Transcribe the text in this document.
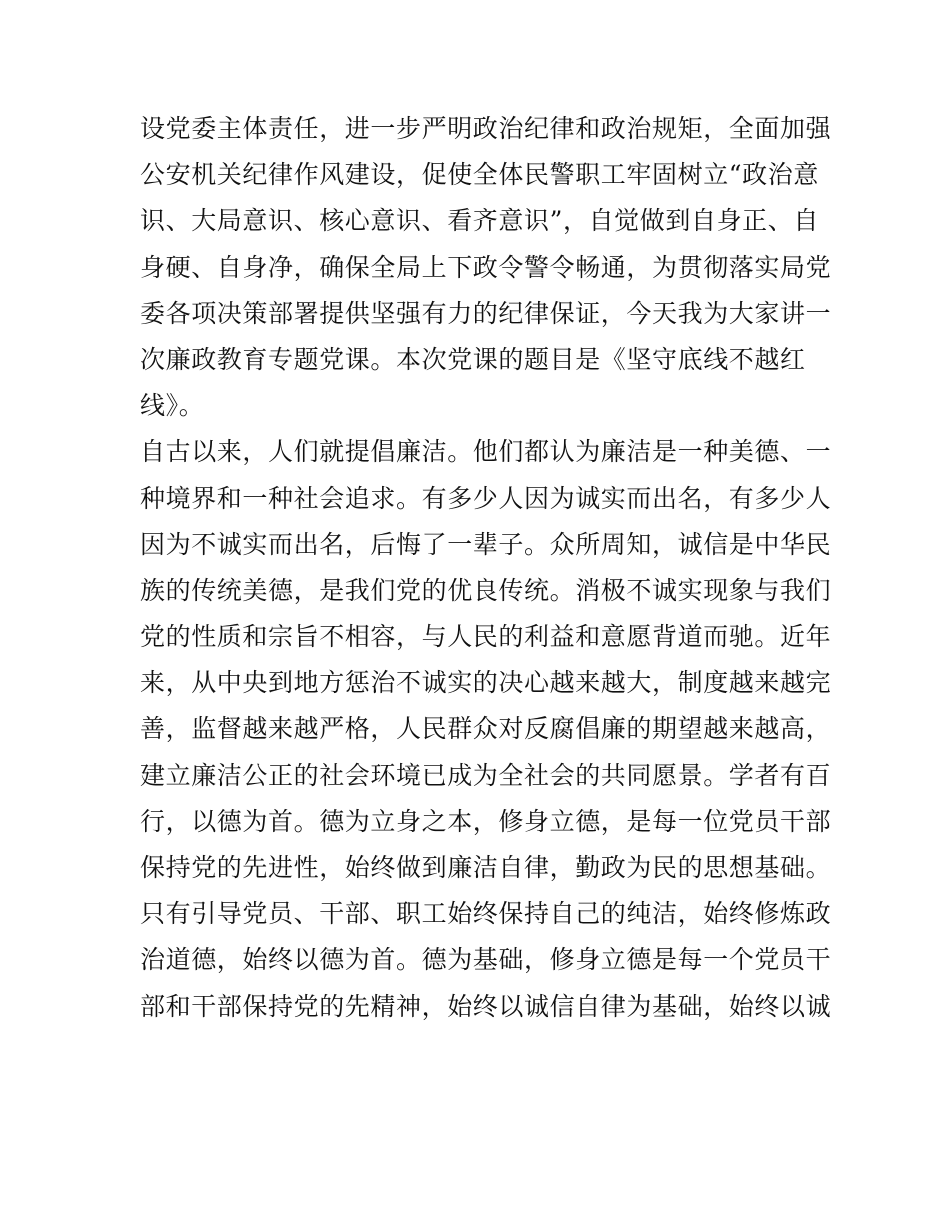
设党委主体责任，进一步严明政治纪律和政治规矩，全面加强
公安机关纪律作风建设，促使全体民警职工牢固树立“政治意
识、大局意识、核心意识、看齐意识”，自觉做到自身正、自
身硬、自身净，确保全局上下政令警令畅通，为贯彻落实局党
委各项决策部署提供坚强有力的纪律保证，今天我为大家讲一
次廉政教育专题党课。本次党课的题目是《坚守底线不越红
线》。
自古以来，人们就提倡廉洁。他们都认为廉洁是一种美德、一
种境界和一种社会追求。有多少人因为诚实而出名，有多少人
因为不诚实而出名，后悔了一辈子。众所周知，诚信是中华民
族的传统美德，是我们党的优良传统。消极不诚实现象与我们
党的性质和宗旨不相容，与人民的利益和意愿背道而驰。近年
来，从中央到地方惩治不诚实的决心越来越大，制度越来越完
善，监督越来越严格，人民群众对反腐倡廉的期望越来越高，
建立廉洁公正的社会环境已成为全社会的共同愿景。学者有百
行，以德为首。德为立身之本，修身立德，是每一位党员干部
保持党的先进性，始终做到廉洁自律，勤政为民的思想基础。
只有引导党员、干部、职工始终保持自己的纯洁，始终修炼政
治道德，始终以德为首。德为基础，修身立德是每一个党员干
部和干部保持党的先精神，始终以诚信自律为基础，始终以诚
